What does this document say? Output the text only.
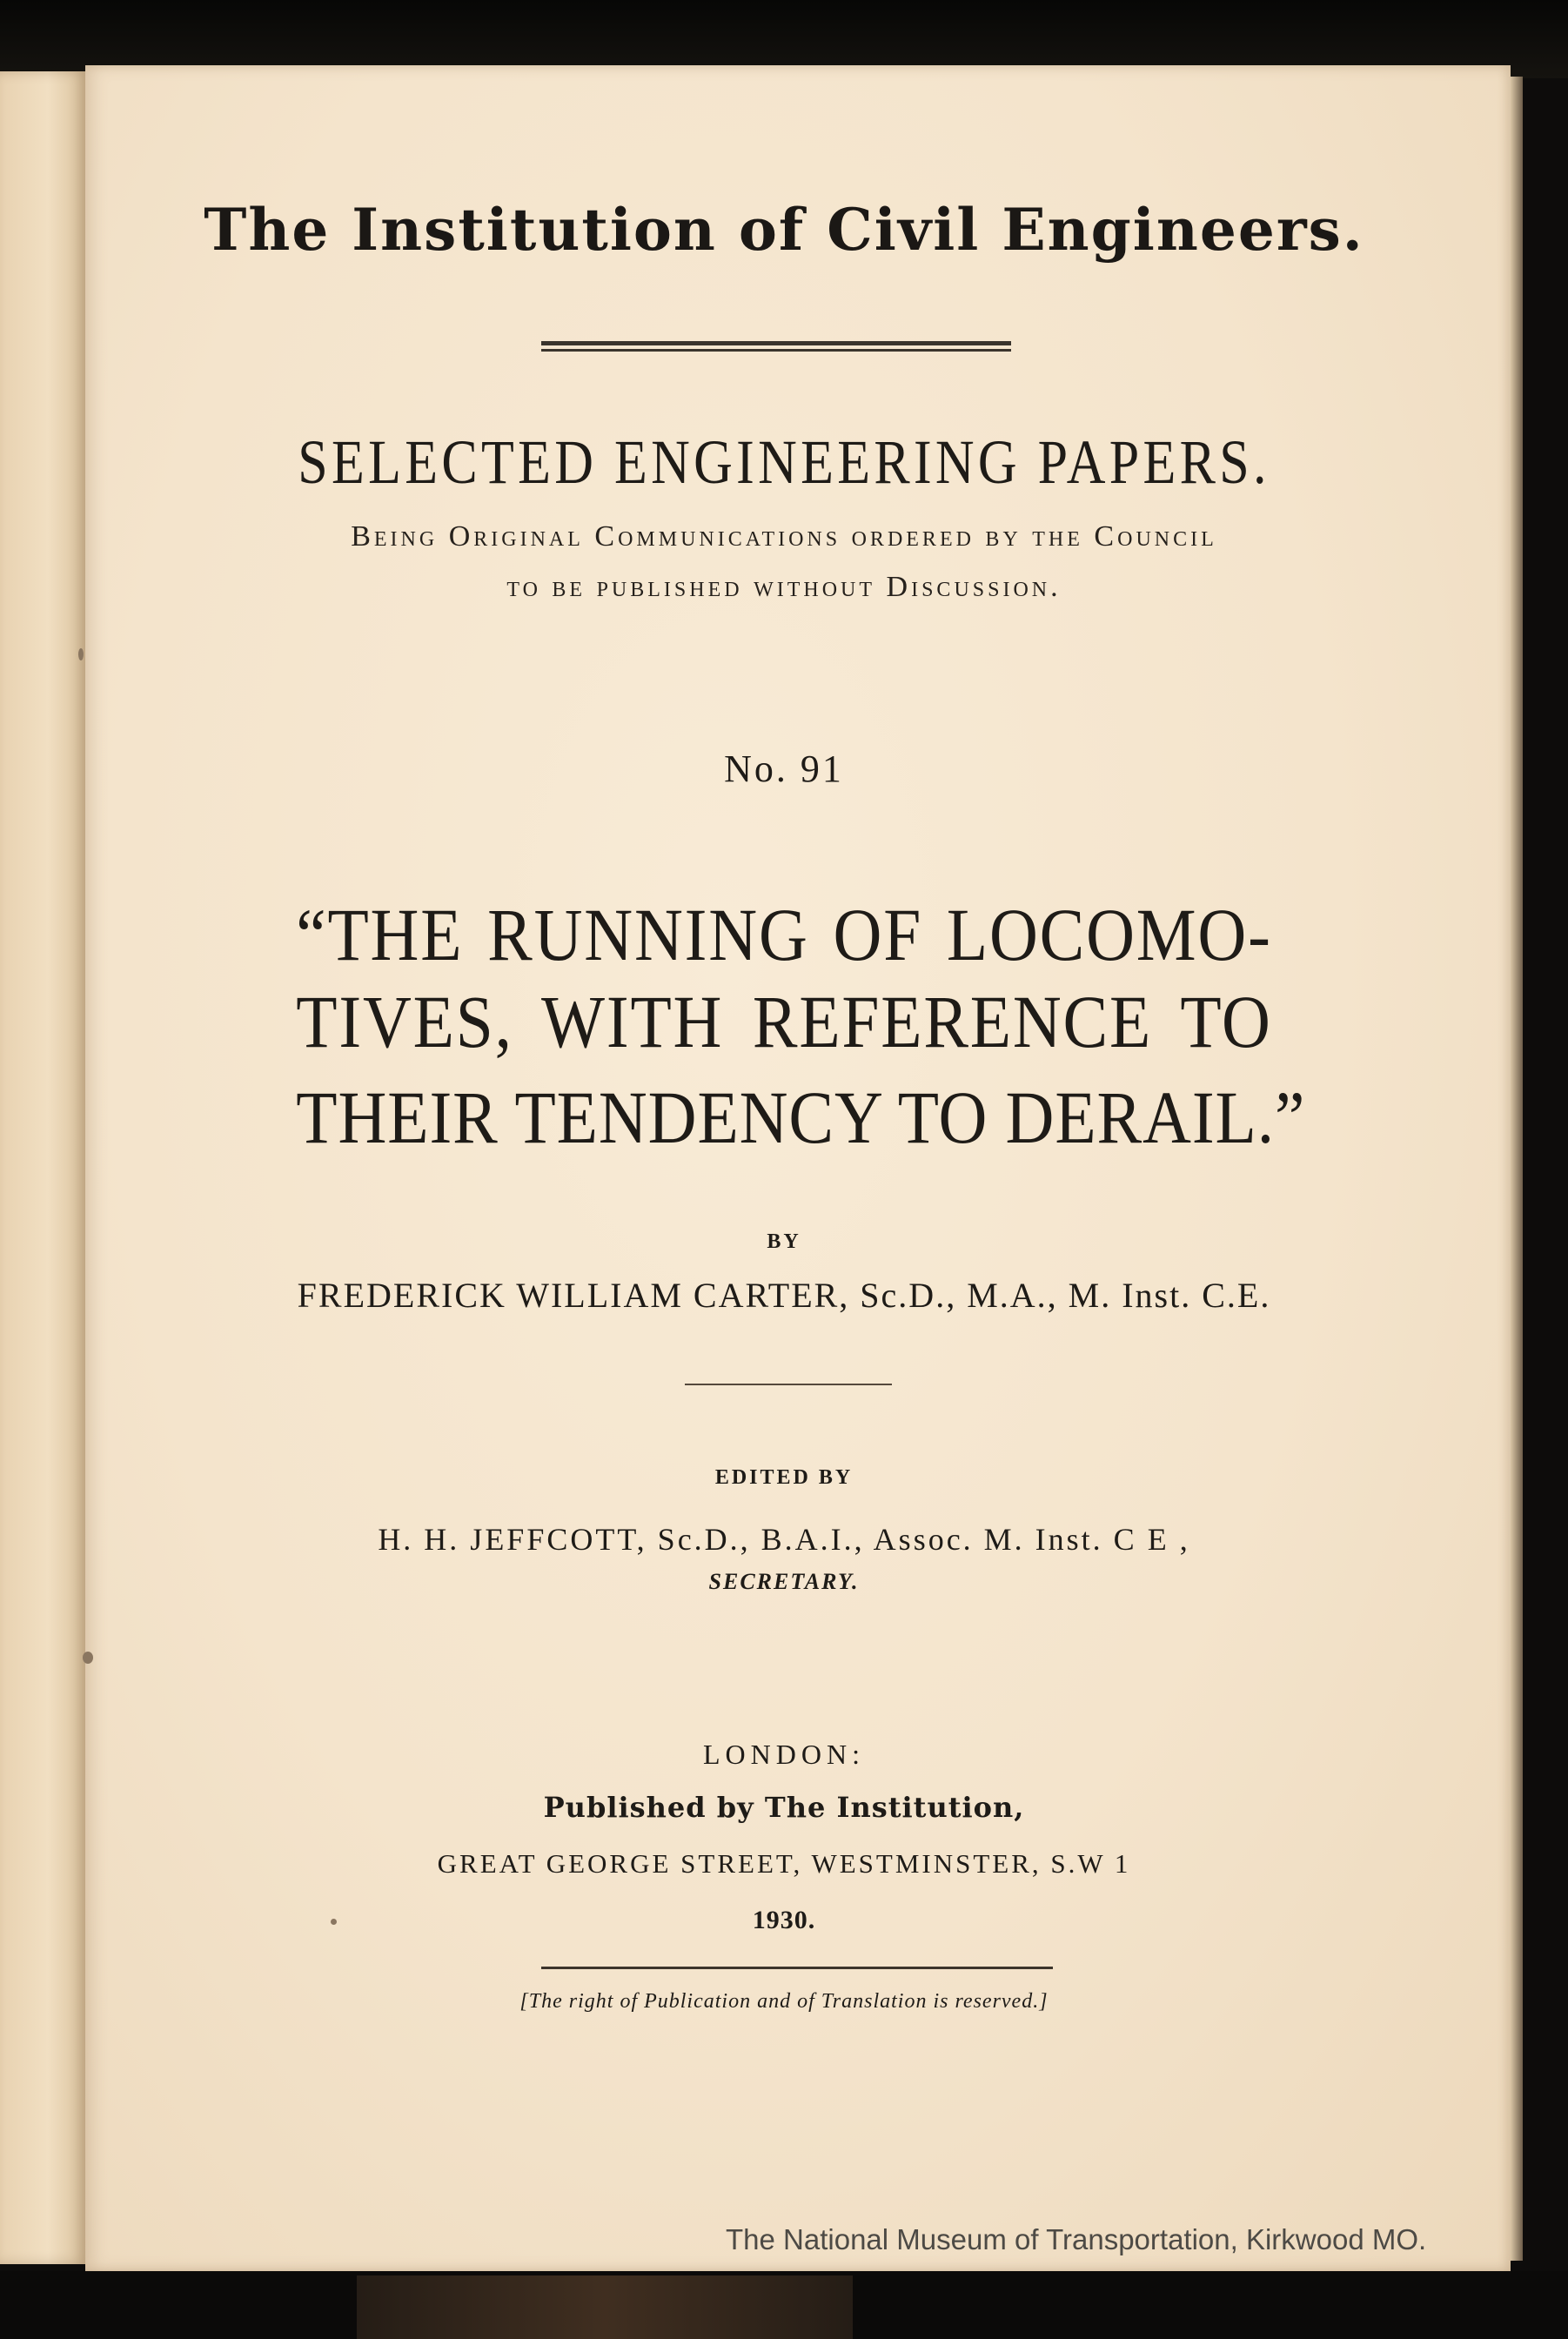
The Institution of Civil Engineers.
SELECTED ENGINEERING PAPERS.
Being Original Communications ordered by the Council
to be published without Discussion.
No. 91
“THE RUNNING OF LOCOMO-
TIVES, WITH REFERENCE TO
THEIR TENDENCY TO DERAIL.”
BY
FREDERICK WILLIAM CARTER, Sc.D., M.A., M. Inst. C.E.
EDITED BY
H. H. JEFFCOTT, Sc.D., B.A.I., Assoc. M. Inst. C E ,
SECRETARY.
LONDON:
Published by The Institution,
GREAT GEORGE STREET, WESTMINSTER, S.W 1
1930.
[The right of Publication and of Translation is reserved.]
The National Museum of Transportation, Kirkwood MO.
